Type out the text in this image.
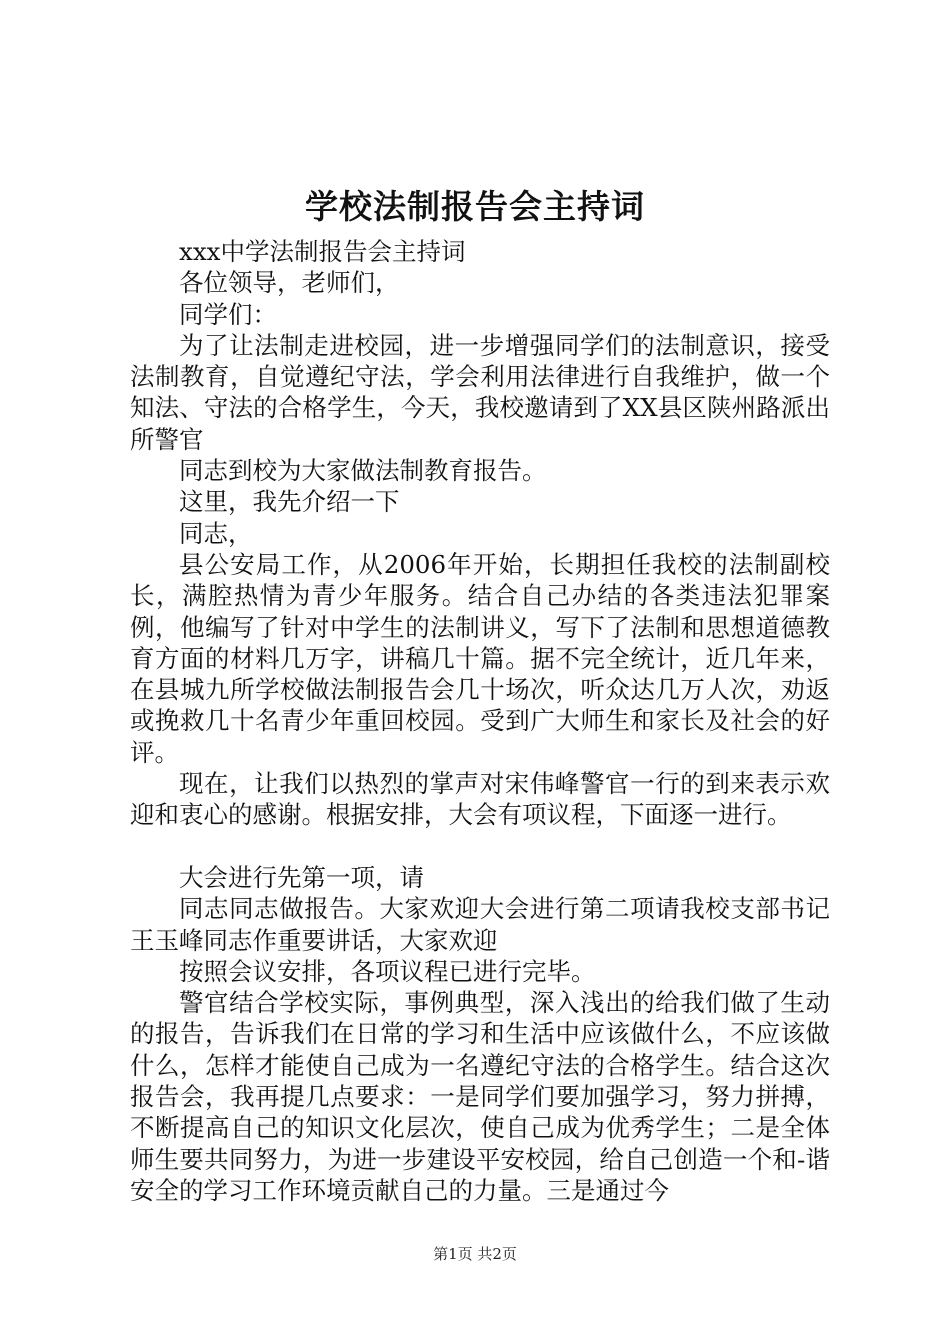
学校法制报告会主持词

xxx中学法制报告会主持词

各位领导，老师们，

同学们：

为了让法制走进校园，进一步增强同学们的法制意识，接受法制教育，自觉遵纪守法，学会利用法律进行自我维护，做一个知法、守法的合格学生，今天，我校邀请到了XX县区陕州路派出所警官

同志到校为大家做法制教育报告。

这里，我先介绍一下

同志，

县公安局工作，从2006年开始，长期担任我校的法制副校长，满腔热情为青少年服务。结合自己办结的各类违法犯罪案例，他编写了针对中学生的法制讲义，写下了法制和思想道德教育方面的材料几万字，讲稿几十篇。据不完全统计，近几年来，在县城九所学校做法制报告会几十场次，听众达几万人次，劝返或挽救几十名青少年重回校园。受到广大师生和家长及社会的好评。

现在，让我们以热烈的掌声对宋伟峰警官一行的到来表示欢迎和衷心的感谢。根据安排，大会有项议程，下面逐一进行。

大会进行先第一项，请

同志同志做报告。大家欢迎大会进行第二项请我校支部书记王玉峰同志作重要讲话，大家欢迎

按照会议安排，各项议程已进行完毕。

警官结合学校实际，事例典型，深入浅出的给我们做了生动的报告，告诉我们在日常的学习和生活中应该做什么，不应该做什么，怎样才能使自己成为一名遵纪守法的合格学生。结合这次报告会，我再提几点要求：一是同学们要加强学习，努力拼搏，不断提高自己的知识文化层次，使自己成为优秀学生；二是全体师生要共同努力，为进一步建设平安校园，给自己创造一个和-谐安全的学习工作环境贡献自己的力量。三是通过今

第1页 共2页
